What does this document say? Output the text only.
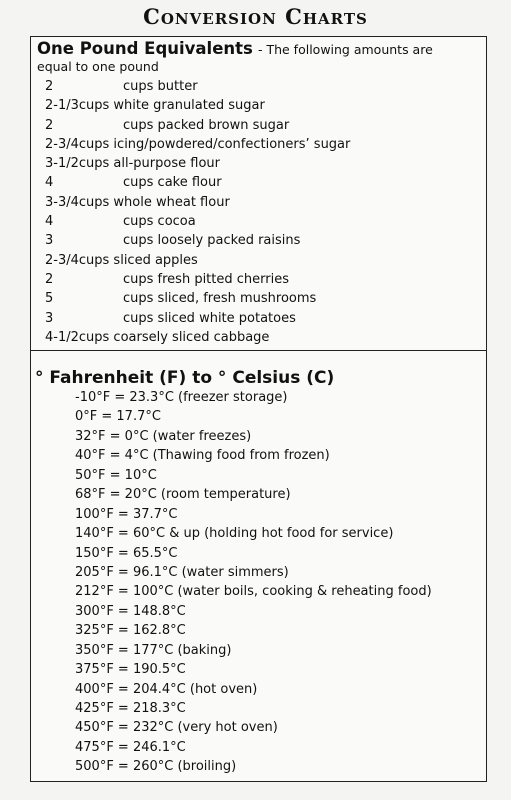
Conversion Charts
One Pound Equivalents - The following amounts are
equal to one pound
2	cups butter
2-1/3cups white granulated sugar
2	cups packed brown sugar
2-3/4cups icing/powdered/confectioners’ sugar
3-1/2cups all-purpose flour
4	cups cake flour
3-3/4cups whole wheat flour
4	cups cocoa
3	cups loosely packed raisins
2-3/4cups sliced apples
2	cups fresh pitted cherries
5	cups sliced, fresh mushrooms
3	cups sliced white potatoes
4-1/2cups coarsely sliced cabbage
° Fahrenheit (F) to ° Celsius (C)
-10°F = 23.3°C (freezer storage)
0°F = 17.7°C
32°F = 0°C (water freezes)
40°F = 4°C (Thawing food from frozen)
50°F = 10°C
68°F = 20°C (room temperature)
100°F = 37.7°C
140°F = 60°C & up (holding hot food for service)
150°F = 65.5°C
205°F = 96.1°C (water simmers)
212°F = 100°C (water boils, cooking & reheating food)
300°F = 148.8°C
325°F = 162.8°C
350°F = 177°C (baking)
375°F = 190.5°C
400°F = 204.4°C (hot oven)
425°F = 218.3°C
450°F = 232°C (very hot oven)
475°F = 246.1°C
500°F = 260°C (broiling)
